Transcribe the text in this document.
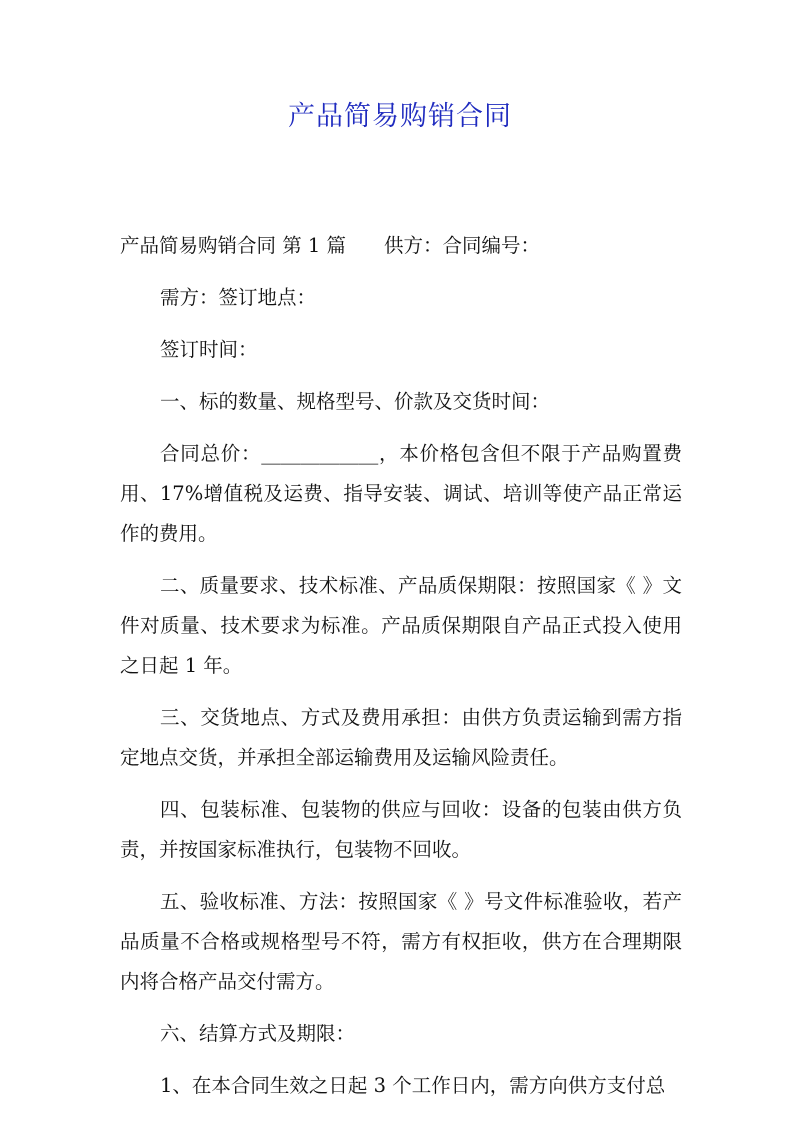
产品简易购销合同

产品简易购销合同 第 1 篇 供方：合同编号：

需方：签订地点：

签订时间：

一、标的数量、规格型号、价款及交货时间：

合同总价：____________，本价格包含但不限于产品购置费用、17%增值税及运费、指导安装、调试、培训等使产品正常运作的费用。

二、质量要求、技术标准、产品质保期限：按照国家《 》文件对质量、技术要求为标准。产品质保期限自产品正式投入使用之日起 1 年。

三、交货地点、方式及费用承担：由供方负责运输到需方指定地点交货，并承担全部运输费用及运输风险责任。

四、包装标准、包装物的供应与回收：设备的包装由供方负责，并按国家标准执行，包装物不回收。

五、验收标准、方法：按照国家《 》号文件标准验收，若产品质量不合格或规格型号不符，需方有权拒收，供方在合理期限内将合格产品交付需方。

六、结算方式及期限：

1、在本合同生效之日起 3 个工作日内，需方向供方支付总
